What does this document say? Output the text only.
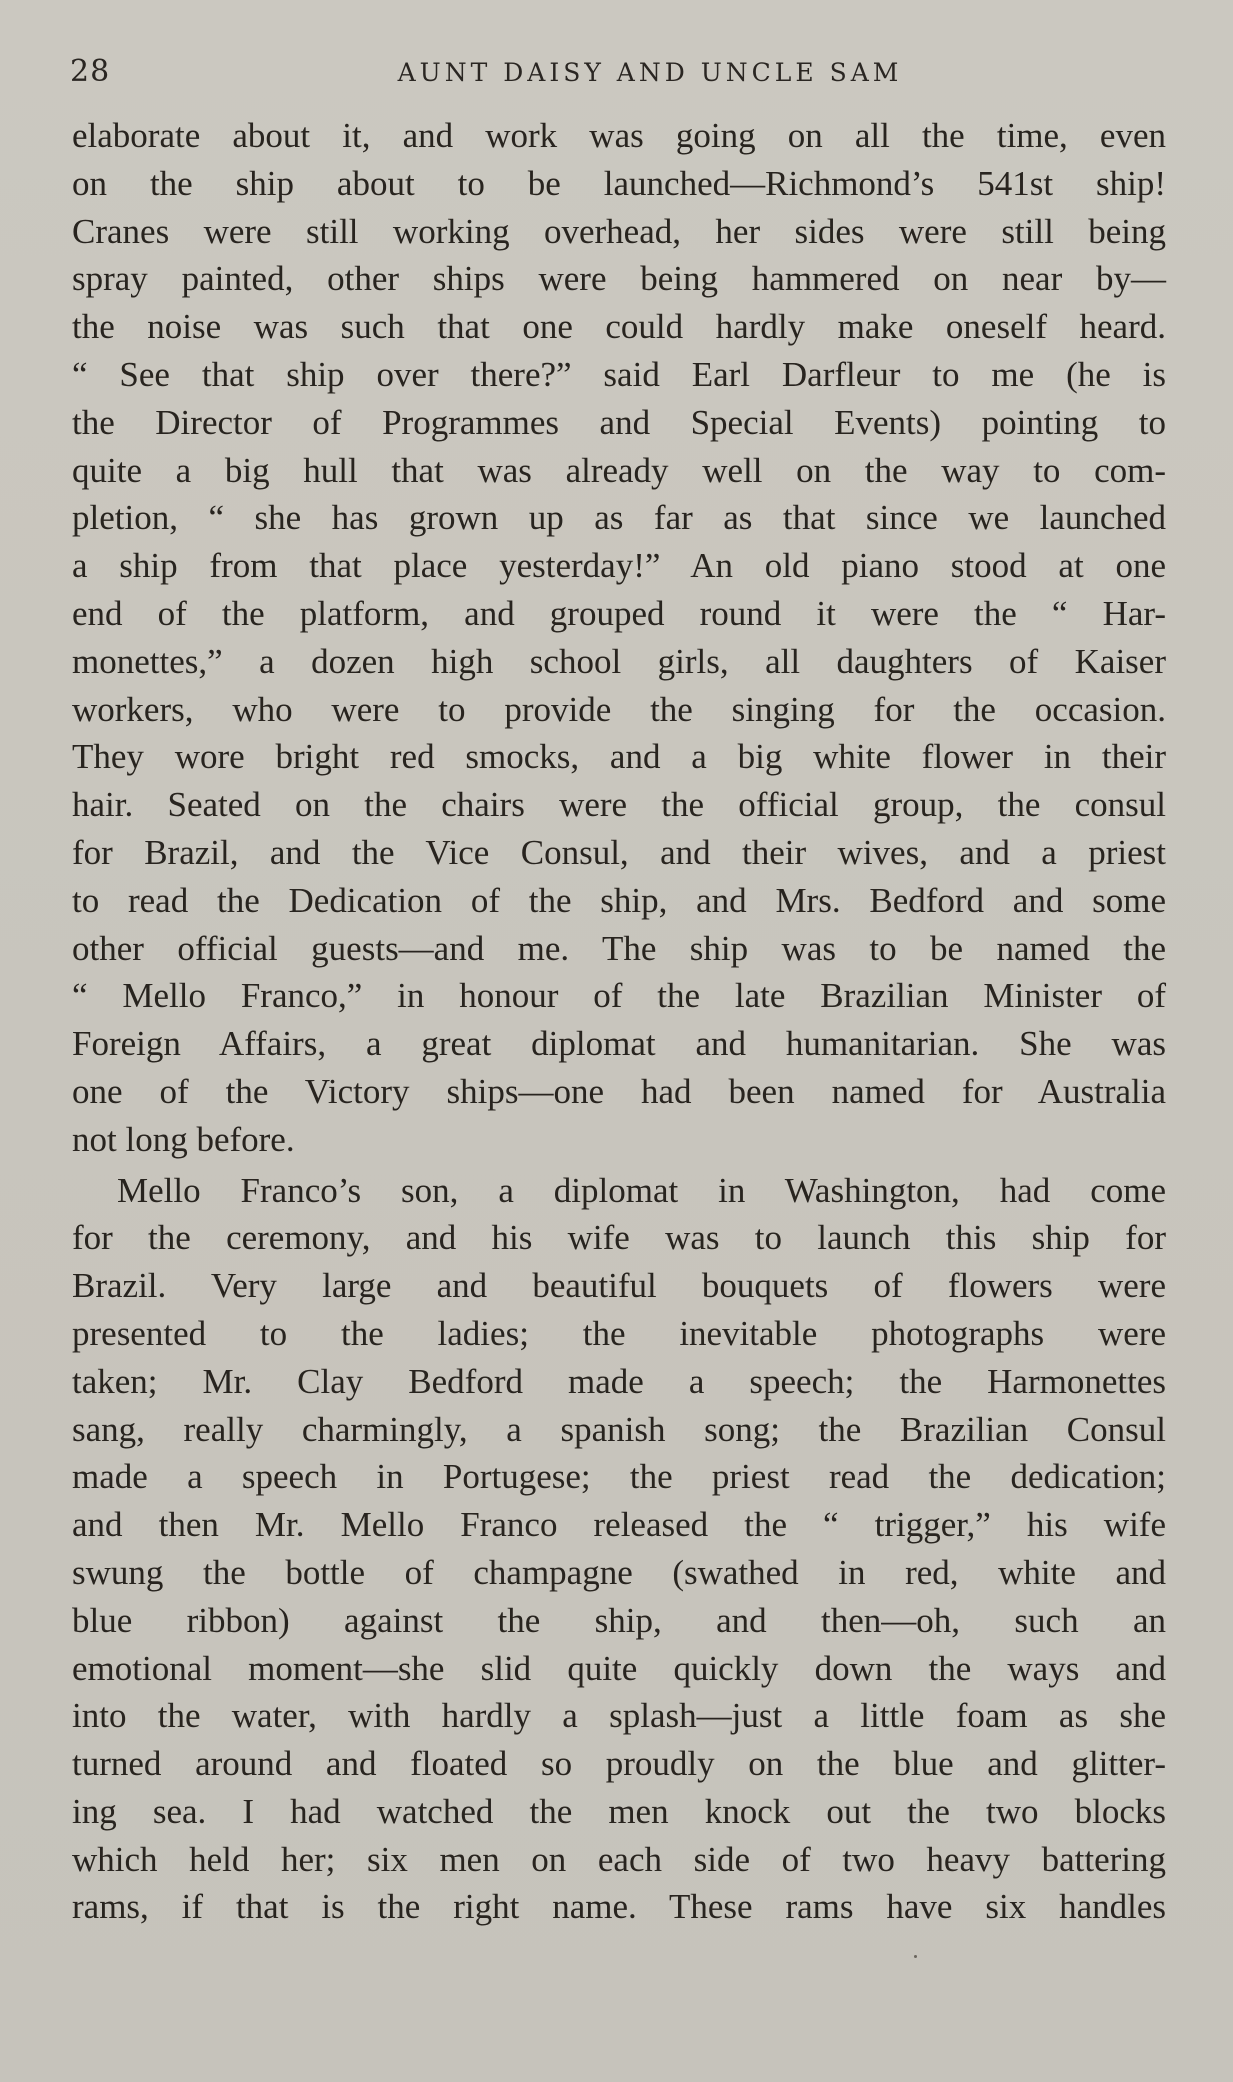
28	AUNT DAISY AND UNCLE SAM
elaborate about it, and work was going on all the time, even
on the ship about to be launched—Richmond’s 541st ship!
Cranes were still working overhead, her sides were still being
spray painted, other ships were being hammered on near by—
the noise was such that one could hardly make oneself heard.
“ See that ship over there?” said Earl Darfleur to me (he is
the Director of Programmes and Special Events) pointing to
quite a big hull that was already well on the way to com-
pletion, “ she has grown up as far as that since we launched
a ship from that place yesterday!” An old piano stood at one
end of the platform, and grouped round it were the “ Har-
monettes,” a dozen high school girls, all daughters of Kaiser
workers, who were to provide the singing for the occasion.
They wore bright red smocks, and a big white flower in their
hair. Seated on the chairs were the official group, the consul
for Brazil, and the Vice Consul, and their wives, and a priest
to read the Dedication of the ship, and Mrs. Bedford and some
other official guests—and me. The ship was to be named the
“ Mello Franco,” in honour of the late Brazilian Minister of
Foreign Affairs, a great diplomat and humanitarian. She was
one of the Victory ships—one had been named for Australia
not long before.
Mello Franco’s son, a diplomat in Washington, had come
for the ceremony, and his wife was to launch this ship for
Brazil. Very large and beautiful bouquets of flowers were
presented to the ladies; the inevitable photographs were
taken; Mr. Clay Bedford made a speech; the Harmonettes
sang, really charmingly, a spanish song; the Brazilian Consul
made a speech in Portugese; the priest read the dedication;
and then Mr. Mello Franco released the “ trigger,” his wife
swung the bottle of champagne (swathed in red, white and
blue ribbon) against the ship, and then—oh, such an
emotional moment—she slid quite quickly down the ways and
into the water, with hardly a splash—just a little foam as she
turned around and floated so proudly on the blue and glitter-
ing sea. I had watched the men knock out the two blocks
which held her; six men on each side of two heavy battering
rams, if that is the right name. These rams have six handles
